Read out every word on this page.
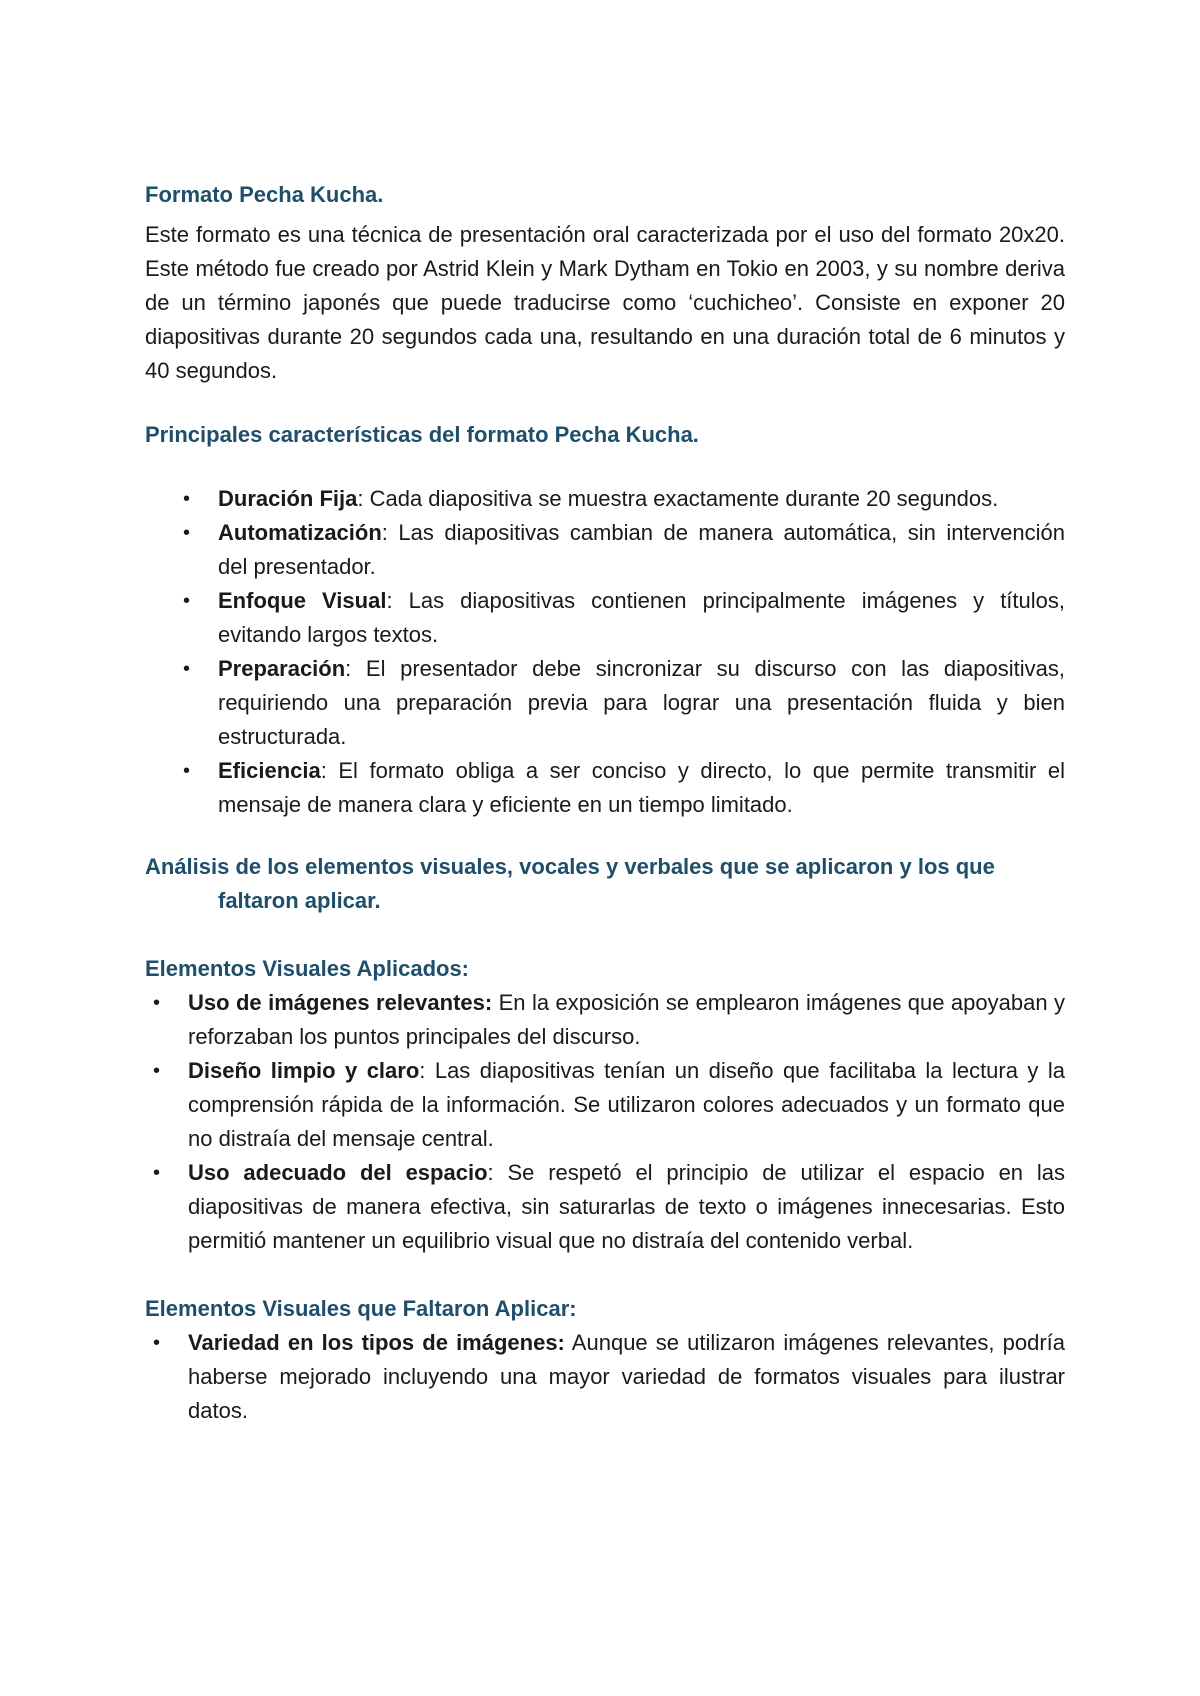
Formato Pecha Kucha.

Este formato es una técnica de presentación oral caracterizada por el uso del formato 20x20. Este método fue creado por Astrid Klein y Mark Dytham en Tokio en 2003, y su nombre deriva de un término japonés que puede traducirse como ‘cuchicheo’. Consiste en exponer 20 diapositivas durante 20 segundos cada una, resultando en una duración total de 6 minutos y 40 segundos.

Principales características del formato Pecha Kucha.
• Duración Fija: Cada diapositiva se muestra exactamente durante 20 segundos.
• Automatización: Las diapositivas cambian de manera automática, sin intervención del presentador.
• Enfoque Visual: Las diapositivas contienen principalmente imágenes y títulos, evitando largos textos.
• Preparación: El presentador debe sincronizar su discurso con las diapositivas, requiriendo una preparación previa para lograr una presentación fluida y bien estructurada.
• Eficiencia: El formato obliga a ser conciso y directo, lo que permite transmitir el mensaje de manera clara y eficiente en un tiempo limitado.
Análisis de los elementos visuales, vocales y verbales que se aplicaron y los que faltaron aplicar.
Elementos Visuales Aplicados:
• Uso de imágenes relevantes: En la exposición se emplearon imágenes que apoyaban y reforzaban los puntos principales del discurso.
• Diseño limpio y claro: Las diapositivas tenían un diseño que facilitaba la lectura y la comprensión rápida de la información. Se utilizaron colores adecuados y un formato que no distraía del mensaje central.
• Uso adecuado del espacio: Se respetó el principio de utilizar el espacio en las diapositivas de manera efectiva, sin saturarlas de texto o imágenes innecesarias. Esto permitió mantener un equilibrio visual que no distraía del contenido verbal.
Elementos Visuales que Faltaron Aplicar:
• Variedad en los tipos de imágenes: Aunque se utilizaron imágenes relevantes, podría haberse mejorado incluyendo una mayor variedad de formatos visuales para ilustrar datos.
